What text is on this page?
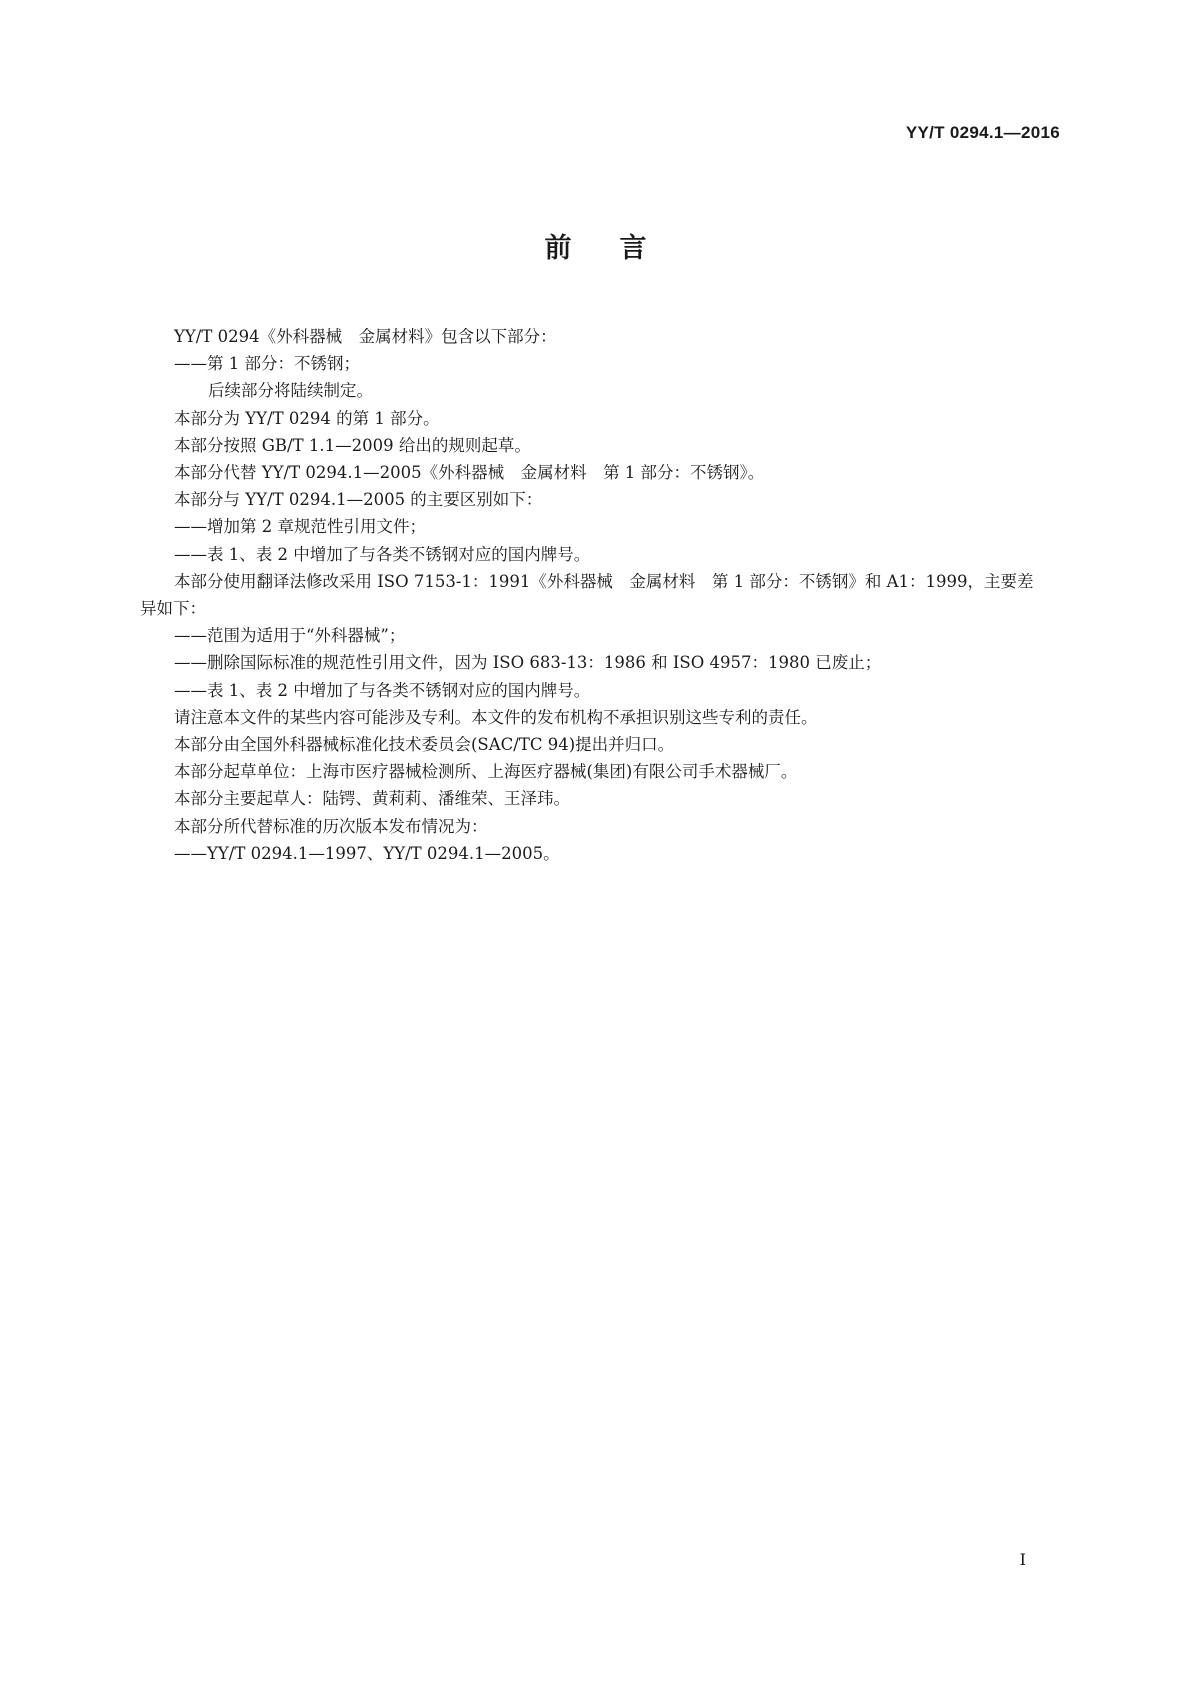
YY/T 0294.1—2016
前言

YY/T 0294《外科器械　金属材料》包含以下部分：

——第 1 部分：不锈钢；

后续部分将陆续制定。

本部分为 YY/T 0294 的第 1 部分。

本部分按照 GB/T 1.1—2009 给出的规则起草。

本部分代替 YY/T 0294.1—2005《外科器械　金属材料　第 1 部分：不锈钢》。

本部分与 YY/T 0294.1—2005 的主要区别如下：

——增加第 2 章规范性引用文件；

——表 1、表 2 中增加了与各类不锈钢对应的国内牌号。

本部分使用翻译法修改采用 ISO 7153-1：1991《外科器械　金属材料　第 1 部分：不锈钢》和 A1：1999，主要差异如下：

——范围为适用于“外科器械”；

——删除国际标准的规范性引用文件，因为 ISO 683-13：1986 和 ISO 4957：1980 已废止；

——表 1、表 2 中增加了与各类不锈钢对应的国内牌号。

请注意本文件的某些内容可能涉及专利。本文件的发布机构不承担识别这些专利的责任。

本部分由全国外科器械标准化技术委员会(SAC/TC 94)提出并归口。

本部分起草单位：上海市医疗器械检测所、上海医疗器械(集团)有限公司手术器械厂。

本部分主要起草人：陆锷、黄莉莉、潘维荣、王泽玮。

本部分所代替标准的历次版本发布情况为：

——YY/T 0294.1—1997、YY/T 0294.1—2005。

I
